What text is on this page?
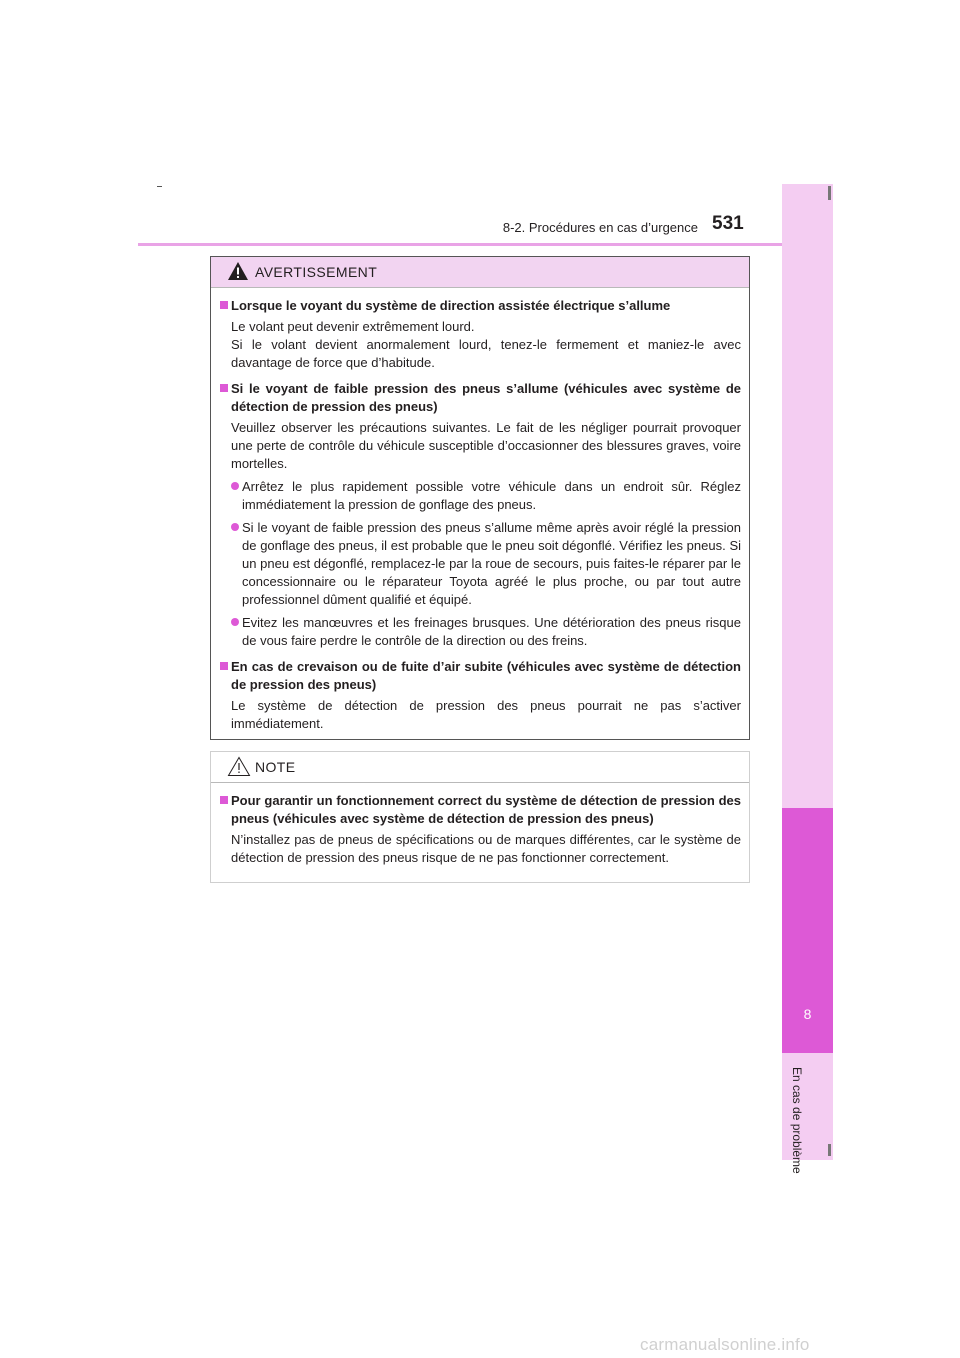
8-2. Procédures en cas d’urgence 531
8
En cas de problème
AVERTISSEMENT
Lorsque le voyant du système de direction assistée électrique s’allume
Le volant peut devenir extrêmement lourd.
Si le volant devient anormalement lourd, tenez-le fermement et maniez-le avec davantage de force que d’habitude.
Si le voyant de faible pression des pneus s’allume (véhicules avec système de détection de pression des pneus)
Veuillez observer les précautions suivantes. Le fait de les négliger pourrait provoquer une perte de contrôle du véhicule susceptible d’occasionner des blessures graves, voire mortelles.
Arrêtez le plus rapidement possible votre véhicule dans un endroit sûr. Réglez immédiatement la pression de gonflage des pneus.
Si le voyant de faible pression des pneus s’allume même après avoir réglé la pression de gonflage des pneus, il est probable que le pneu soit dégonflé. Vérifiez les pneus. Si un pneu est dégonflé, remplacez-le par la roue de secours, puis faites-le réparer par le concessionnaire ou le réparateur Toyota agréé le plus proche, ou par tout autre professionnel dûment qualifié et équipé.
Evitez les manœuvres et les freinages brusques. Une détérioration des pneus risque de vous faire perdre le contrôle de la direction ou des freins.
En cas de crevaison ou de fuite d’air subite (véhicules avec système de détection de pression des pneus)
Le système de détection de pression des pneus pourrait ne pas s’activer immédiatement.
NOTE
Pour garantir un fonctionnement correct du système de détection de pression des pneus (véhicules avec système de détection de pression des pneus)
N’installez pas de pneus de spécifications ou de marques différentes, car le système de détection de pression des pneus risque de ne pas fonctionner correctement.
carmanualsonline.info
